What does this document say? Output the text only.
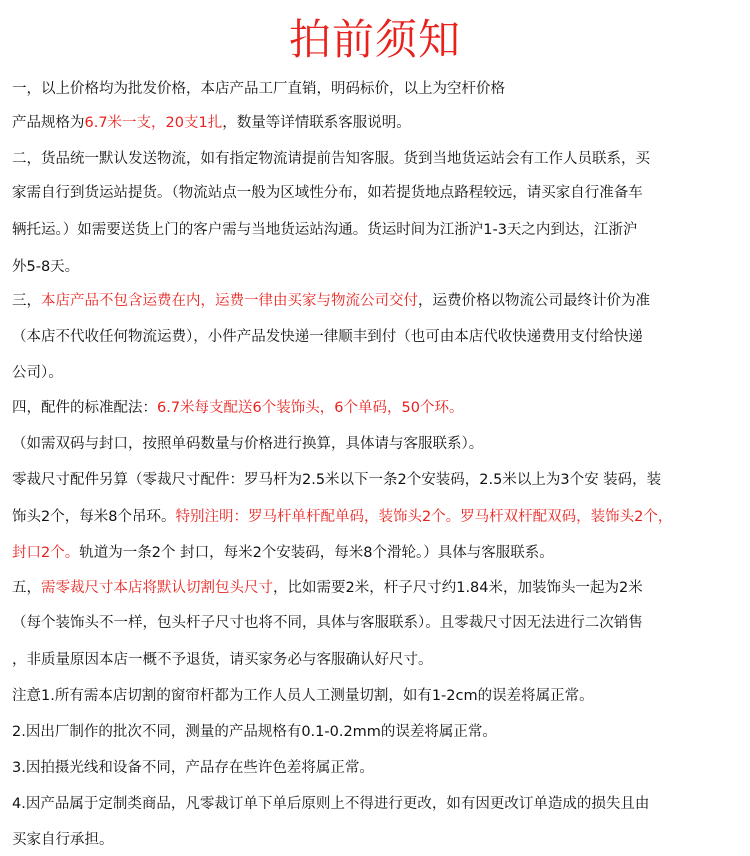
拍前须知
一，以上价格均为批发价格，本店产品工厂直销，明码标价，以上为空杆价格
产品规格为6.7米一支，20支1扎，数量等详情联系客服说明。
二，货品统一默认发送物流，如有指定物流请提前告知客服。货到当地货运站会有工作人员联系，买
家需自行到货运站提货。（物流站点一般为区域性分布，如若提货地点路程较远，请买家自行准备车
辆托运。）如需要送货上门的客户需与当地货运站沟通。货运时间为江浙沪1-3天之内到达，江浙沪
外5-8天。
三，本店产品不包含运费在内，运费一律由买家与物流公司交付，运费价格以物流公司最终计价为准
（本店不代收任何物流运费），小件产品发快递一律顺丰到付（也可由本店代收快递费用支付给快递
公司）。
四，配件的标准配法：6.7米每支配送6个装饰头，6个单码，50个环。
（如需双码与封口，按照单码数量与价格进行换算，具体请与客服联系）。
零裁尺寸配件另算（零裁尺寸配件：罗马杆为2.5米以下一条2个安装码，2.5米以上为3个安 装码，装
饰头2个，每米8个吊环。特别注明：罗马杆单杆配单码，装饰头2个。罗马杆双杆配双码，装饰头2个，
封口2个。轨道为一条2个 封口，每米2个安装码，每米8个滑轮。）具体与客服联系。
五，需零裁尺寸本店将默认切割包头尺寸，比如需要2米，杆子尺寸约1.84米，加装饰头一起为2米
（每个装饰头不一样，包头杆子尺寸也将不同，具体与客服联系）。且零裁尺寸因无法进行二次销售
，非质量原因本店一概不予退货，请买家务必与客服确认好尺寸。
注意1.所有需本店切割的窗帘杆都为工作人员人工测量切割，如有1-2cm的误差将属正常。
2.因出厂制作的批次不同，测量的产品规格有0.1-0.2mm的误差将属正常。
3.因拍摄光线和设备不同，产品存在些许色差将属正常。
4.因产品属于定制类商品，凡零裁订单下单后原则上不得进行更改，如有因更改订单造成的损失且由
买家自行承担。
